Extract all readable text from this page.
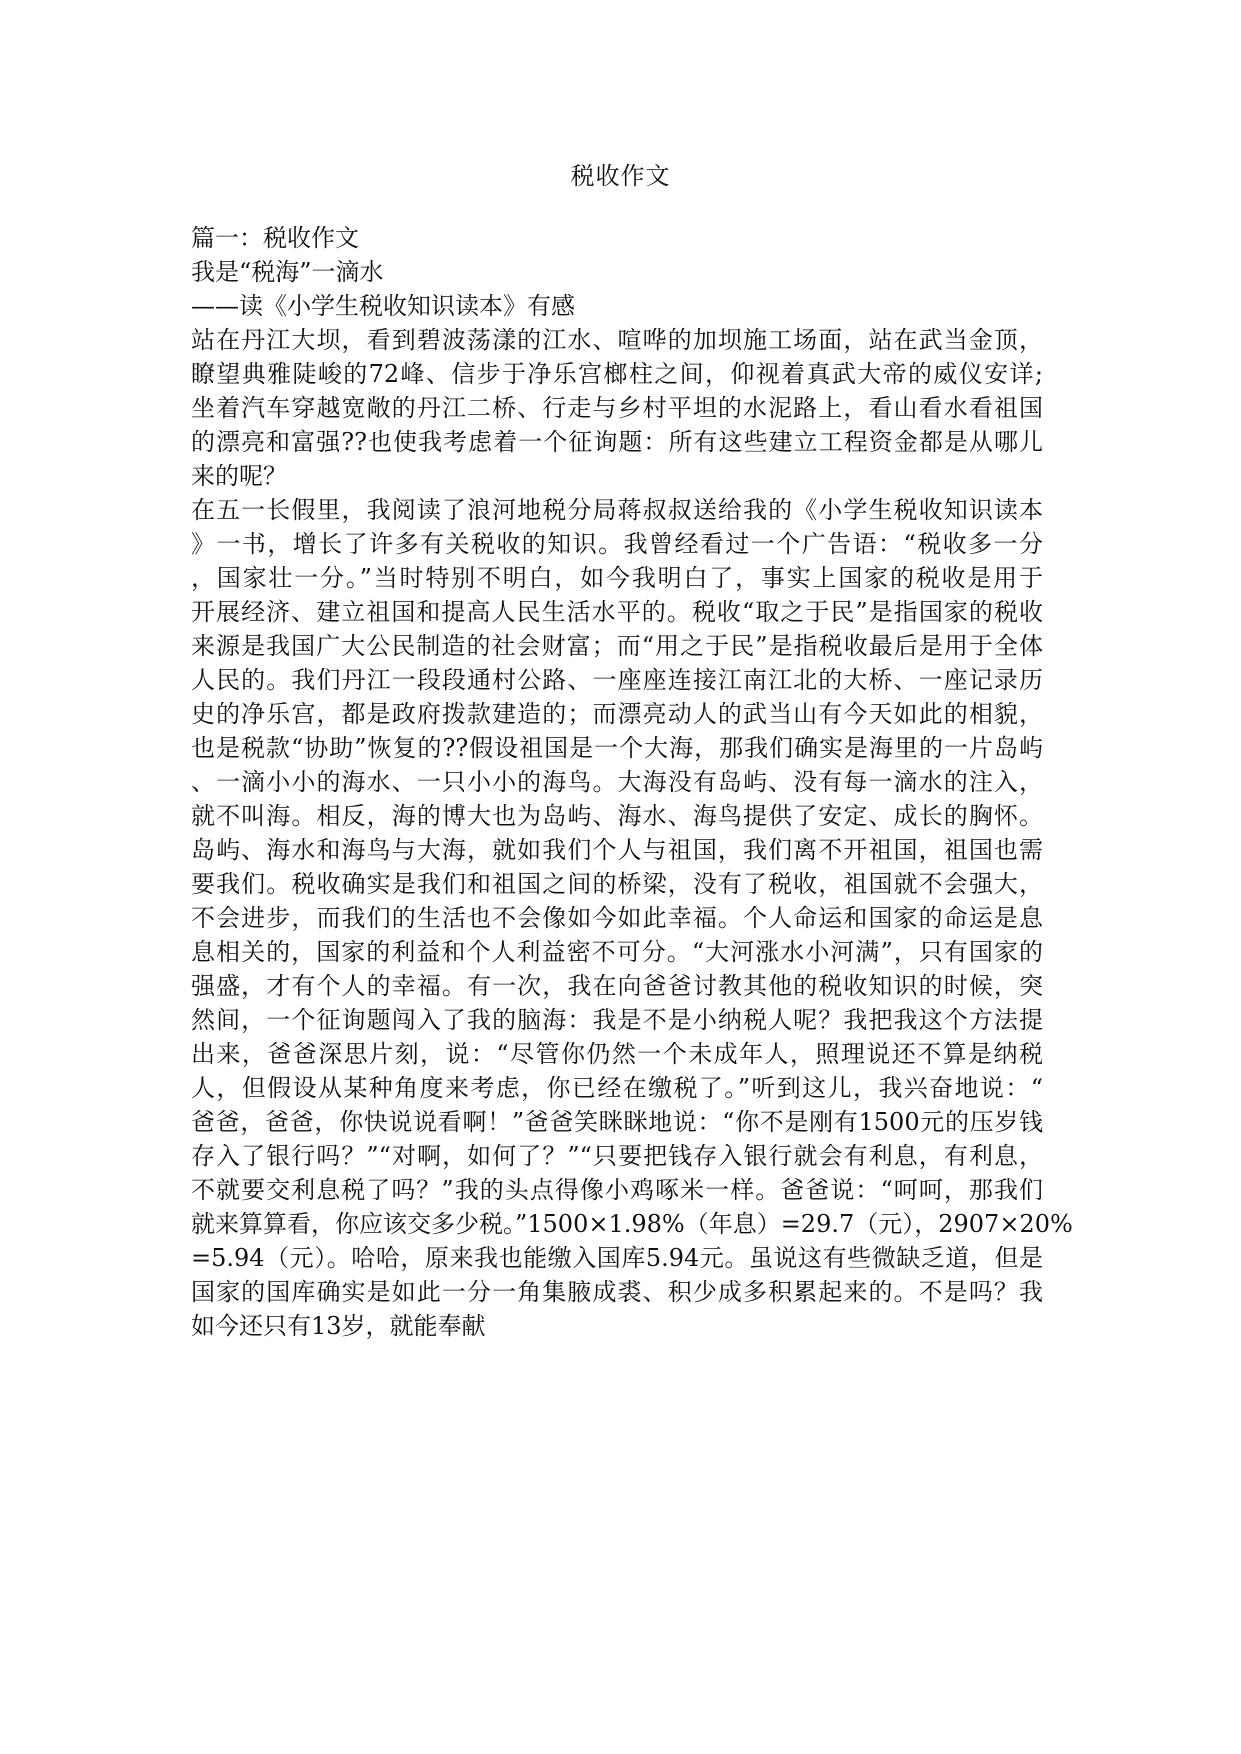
税收作文
篇一：税收作文
我是“税海”一滴水
——读《小学生税收知识读本》有感
站在丹江大坝，看到碧波荡漾的江水、喧哗的加坝施工场面，站在武当金顶，
瞭望典雅陡峻的72峰、信步于净乐宫榔柱之间，仰视着真武大帝的威仪安详;
坐着汽车穿越宽敞的丹江二桥、行走与乡村平坦的水泥路上，看山看水看祖国
的漂亮和富强??也使我考虑着一个征询题：所有这些建立工程资金都是从哪儿
来的呢？
在五一长假里，我阅读了浪河地税分局蒋叔叔送给我的《小学生税收知识读本
》一书，增长了许多有关税收的知识。我曾经看过一个广告语：“税收多一分
，国家壮一分。”当时特别不明白，如今我明白了，事实上国家的税收是用于
开展经济、建立祖国和提高人民生活水平的。税收“取之于民”是指国家的税收
来源是我国广大公民制造的社会财富；而“用之于民”是指税收最后是用于全体
人民的。我们丹江一段段通村公路、一座座连接江南江北的大桥、一座记录历
史的净乐宫，都是政府拨款建造的；而漂亮动人的武当山有今天如此的相貌，
也是税款“协助”恢复的??假设祖国是一个大海，那我们确实是海里的一片岛屿
、一滴小小的海水、一只小小的海鸟。大海没有岛屿、没有每一滴水的注入，
就不叫海。相反，海的博大也为岛屿、海水、海鸟提供了安定、成长的胸怀。
岛屿、海水和海鸟与大海，就如我们个人与祖国，我们离不开祖国，祖国也需
要我们。税收确实是我们和祖国之间的桥梁，没有了税收，祖国就不会强大，
不会进步，而我们的生活也不会像如今如此幸福。个人命运和国家的命运是息
息相关的，国家的利益和个人利益密不可分。“大河涨水小河满”，只有国家的
强盛，才有个人的幸福。有一次，我在向爸爸讨教其他的税收知识的时候，突
然间，一个征询题闯入了我的脑海：我是不是小纳税人呢？我把我这个方法提
出来，爸爸深思片刻，说：“尽管你仍然一个未成年人，照理说还不算是纳税
人，但假设从某种角度来考虑，你已经在缴税了。”听到这儿，我兴奋地说：“
爸爸，爸爸，你快说说看啊！”爸爸笑眯眯地说：“你不是刚有1500元的压岁钱
存入了银行吗？”“对啊，如何了？”“只要把钱存入银行就会有利息，有利息，
不就要交利息税了吗？”我的头点得像小鸡啄米一样。爸爸说：“呵呵，那我们
就来算算看，你应该交多少税。”1500×1.98%（年息）=29.7（元），2907×20%
=5.94（元）。哈哈，原来我也能缴入国库5.94元。虽说这有些微缺乏道，但是
国家的国库确实是如此一分一角集腋成裘、积少成多积累起来的。不是吗？我
如今还只有13岁，就能奉献
